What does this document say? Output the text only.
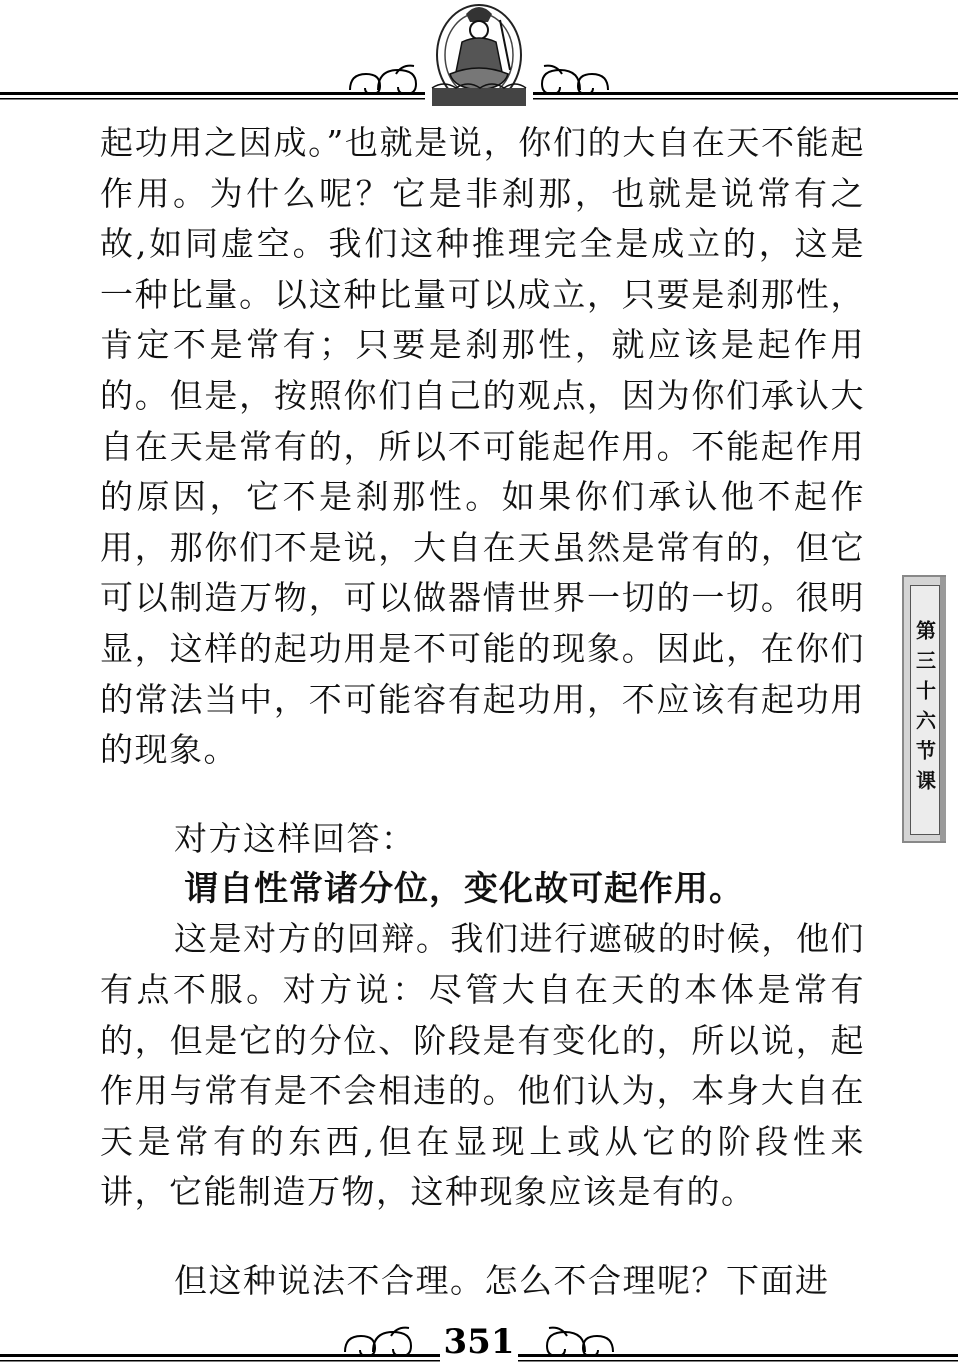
起功用之因成。”也就是说，你们的大自在天不能起作用。为什么呢？它是非刹那，也就是说常有之故,如同虚空。我们这种推理完全是成立的，这是一种比量。以这种比量可以成立，只要是刹那性，肯定不是常有；只要是刹那性，就应该是起作用的。但是，按照你们自己的观点，因为你们承认大自在天是常有的，所以不可能起作用。不能起作用的原因，它不是刹那性。如果你们承认他不起作用，那你们不是说，大自在天虽然是常有的，但它可以制造万物，可以做器情世界一切的一切。很明显，这样的起功用是不可能的现象。因此，在你们的常法当中，不可能容有起功用，不应该有起功用的现象。

对方这样回答：

谓自性常诸分位，变化故可起作用。

这是对方的回辩。我们进行遮破的时候，他们有点不服。对方说：尽管大自在天的本体是常有的，但是它的分位、阶段是有变化的，所以说，起作用与常有是不会相违的。他们认为，本身大自在天是常有的东西,但在显现上或从它的阶段性来讲，它能制造万物，这种现象应该是有的。

但这种说法不合理。怎么不合理呢？下面进

第三十六节课
351
